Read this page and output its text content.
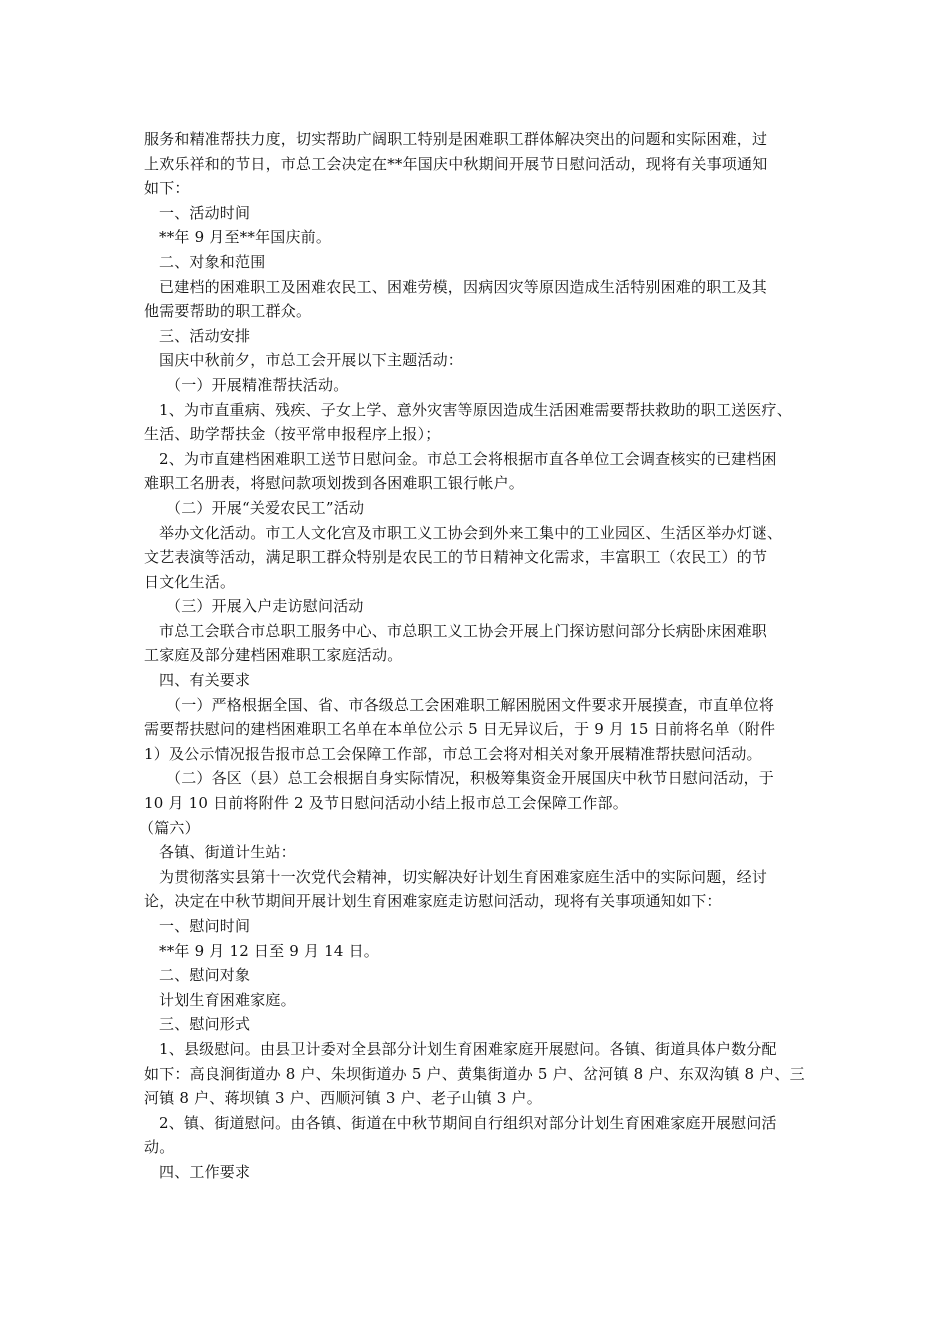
服务和精准帮扶力度，切实帮助广阔职工特别是困难职工群体解决突出的问题和实际困难，过
上欢乐祥和的节日，市总工会决定在**年国庆中秋期间开展节日慰问活动，现将有关事项通知
如下：
一、活动时间
**年 9 月至**年国庆前。
二、对象和范围
已建档的困难职工及困难农民工、困难劳模，因病因灾等原因造成生活特别困难的职工及其
他需要帮助的职工群众。
三、活动安排
国庆中秋前夕，市总工会开展以下主题活动：
（一）开展精准帮扶活动。
1、为市直重病、残疾、子女上学、意外灾害等原因造成生活困难需要帮扶救助的职工送医疗、
生活、助学帮扶金（按平常申报程序上报）；
2、为市直建档困难职工送节日慰问金。市总工会将根据市直各单位工会调查核实的已建档困
难职工名册表，将慰问款项划拨到各困难职工银行帐户。
（二）开展“关爱农民工”活动
举办文化活动。市工人文化宫及市职工义工协会到外来工集中的工业园区、生活区举办灯谜、
文艺表演等活动，满足职工群众特别是农民工的节日精神文化需求，丰富职工（农民工）的节
日文化生活。
（三）开展入户走访慰问活动
市总工会联合市总职工服务中心、市总职工义工协会开展上门探访慰问部分长病卧床困难职
工家庭及部分建档困难职工家庭活动。
四、有关要求
（一）严格根据全国、省、市各级总工会困难职工解困脱困文件要求开展摸查，市直单位将
需要帮扶慰问的建档困难职工名单在本单位公示 5 日无异议后，于 9 月 15 日前将名单（附件
1）及公示情况报告报市总工会保障工作部，市总工会将对相关对象开展精准帮扶慰问活动。
（二）各区（县）总工会根据自身实际情况，积极筹集资金开展国庆中秋节日慰问活动，于
10 月 10 日前将附件 2 及节日慰问活动小结上报市总工会保障工作部。
（篇六）
各镇、街道计生站：
为贯彻落实县第十一次党代会精神，切实解决好计划生育困难家庭生活中的实际问题，经讨
论，决定在中秋节期间开展计划生育困难家庭走访慰问活动，现将有关事项通知如下：
一、慰问时间
**年 9 月 12 日至 9 月 14 日。
二、慰问对象
计划生育困难家庭。
三、慰问形式
1、县级慰问。由县卫计委对全县部分计划生育困难家庭开展慰问。各镇、街道具体户数分配
如下：高良涧街道办 8 户、朱坝街道办 5 户、黄集街道办 5 户、岔河镇 8 户、东双沟镇 8 户、三
河镇 8 户、蒋坝镇 3 户、西顺河镇 3 户、老子山镇 3 户。
2、镇、街道慰问。由各镇、街道在中秋节期间自行组织对部分计划生育困难家庭开展慰问活
动。
四、工作要求
